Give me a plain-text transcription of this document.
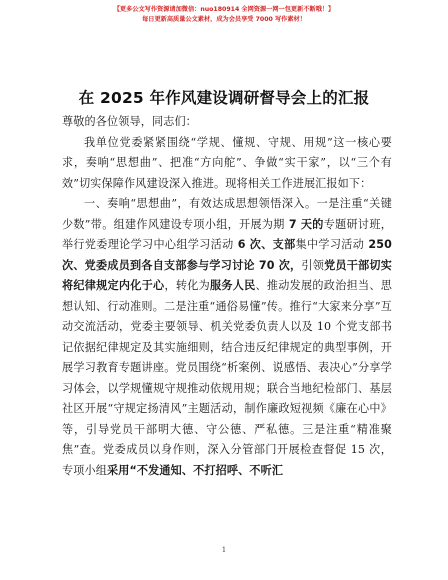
【更多公文写作资源请加微信：nuo180914 全网资源一网一包更新不断哦！】
每日更新高质量公文素材，成为会员享受 7000 写作素材！
在 2025 年作风建设调研督导会上的汇报

尊敬的各位领导，同志们：

我单位党委紧紧围绕“学规、懂规、守规、用规”这一核心要求，奏响“思想曲”、把准“方向舵”、争做“实干家”，以“三个有效”切实保障作风建设深入推进。现将相关工作进展汇报如下：

一、奏响“思想曲”，有效达成思想领悟深入。一是注重“关键少数”带。组建作风建设专项小组，开展为期 7 天的专题研讨班，举行党委理论学习中心组学习活动 6 次、支部集中学习活动 250 次、党委成员到各自支部参与学习讨论 70 次，引领党员干部切实将纪律规定内化于心，转化为服务人民、推动发展的政治担当、思想认知、行动准则。二是注重“通俗易懂”传。推行“大家来分享”互动交流活动，党委主要领导、机关党委负责人以及 10 个党支部书记依据纪律规定及其实施细则，结合违反纪律规定的典型事例，开展学习教育专题讲座。党员围绕“析案例、说感悟、表决心”分享学习体会，以学规懂规守规推动依规用规；联合当地纪检部门、基层社区开展“守规定扬清风”主题活动，制作廉政短视频《廉在心中》等，引导党员干部明大德、守公德、严私德。三是注重“精准聚焦”查。党委成员以身作则，深入分管部门开展检查督促 15 次，专项小组采用“不发通知、不打招呼、不听汇

1
